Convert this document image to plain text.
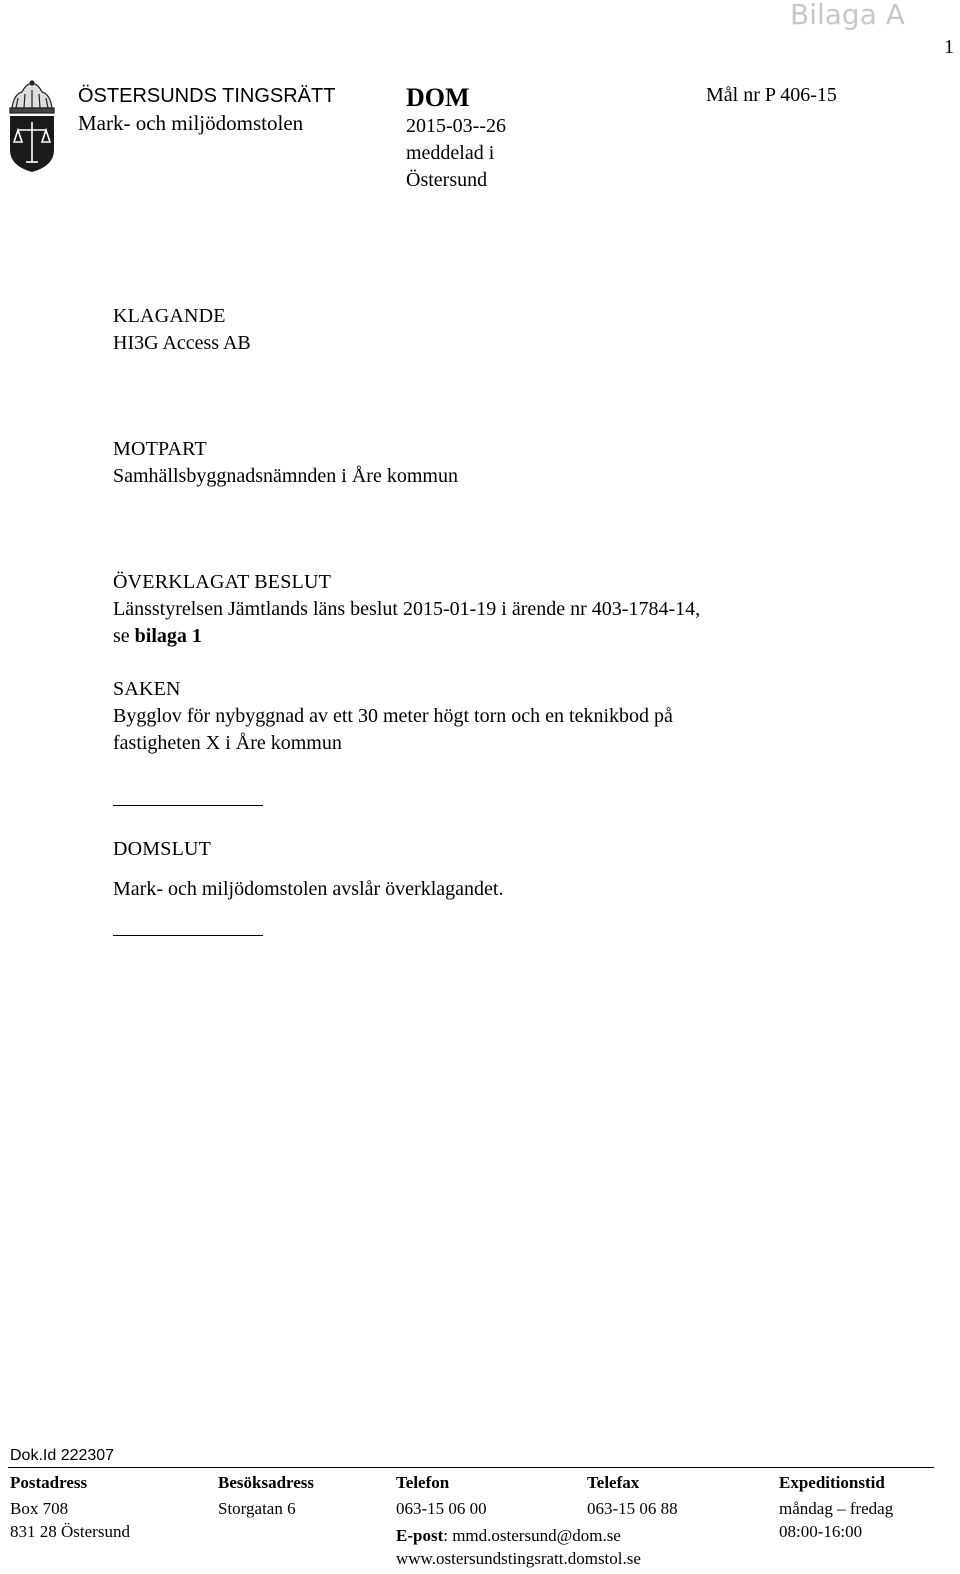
Bilaga A
1
ÖSTERSUNDS TINGSRÄTT
Mark- och miljödomstolen
DOM
2015-03--26
meddelad i
Östersund
Mål nr P 406-15
KLAGANDE
HI3G Access AB
MOTPART
Samhällsbyggnadsnämnden i Åre kommun
ÖVERKLAGAT BESLUT
Länsstyrelsen Jämtlands läns beslut 2015-01-19 i ärende nr 403-1784-14,
se bilaga 1
SAKEN
Bygglov för nybyggnad av ett 30 meter högt torn och en teknikbod på
fastigheten X i Åre kommun
DOMSLUT
Mark- och miljödomstolen avslår överklagandet.
Dok.Id 222307
Postadress
Box 708
831 28 Östersund
Besöksadress
Storgatan 6
Telefon
063-15 06 00
E-post: mmd.ostersund@dom.se
www.ostersundstingsratt.domstol.se
Telefax
063-15 06 88
Expeditionstid
måndag – fredag
08:00-16:00
